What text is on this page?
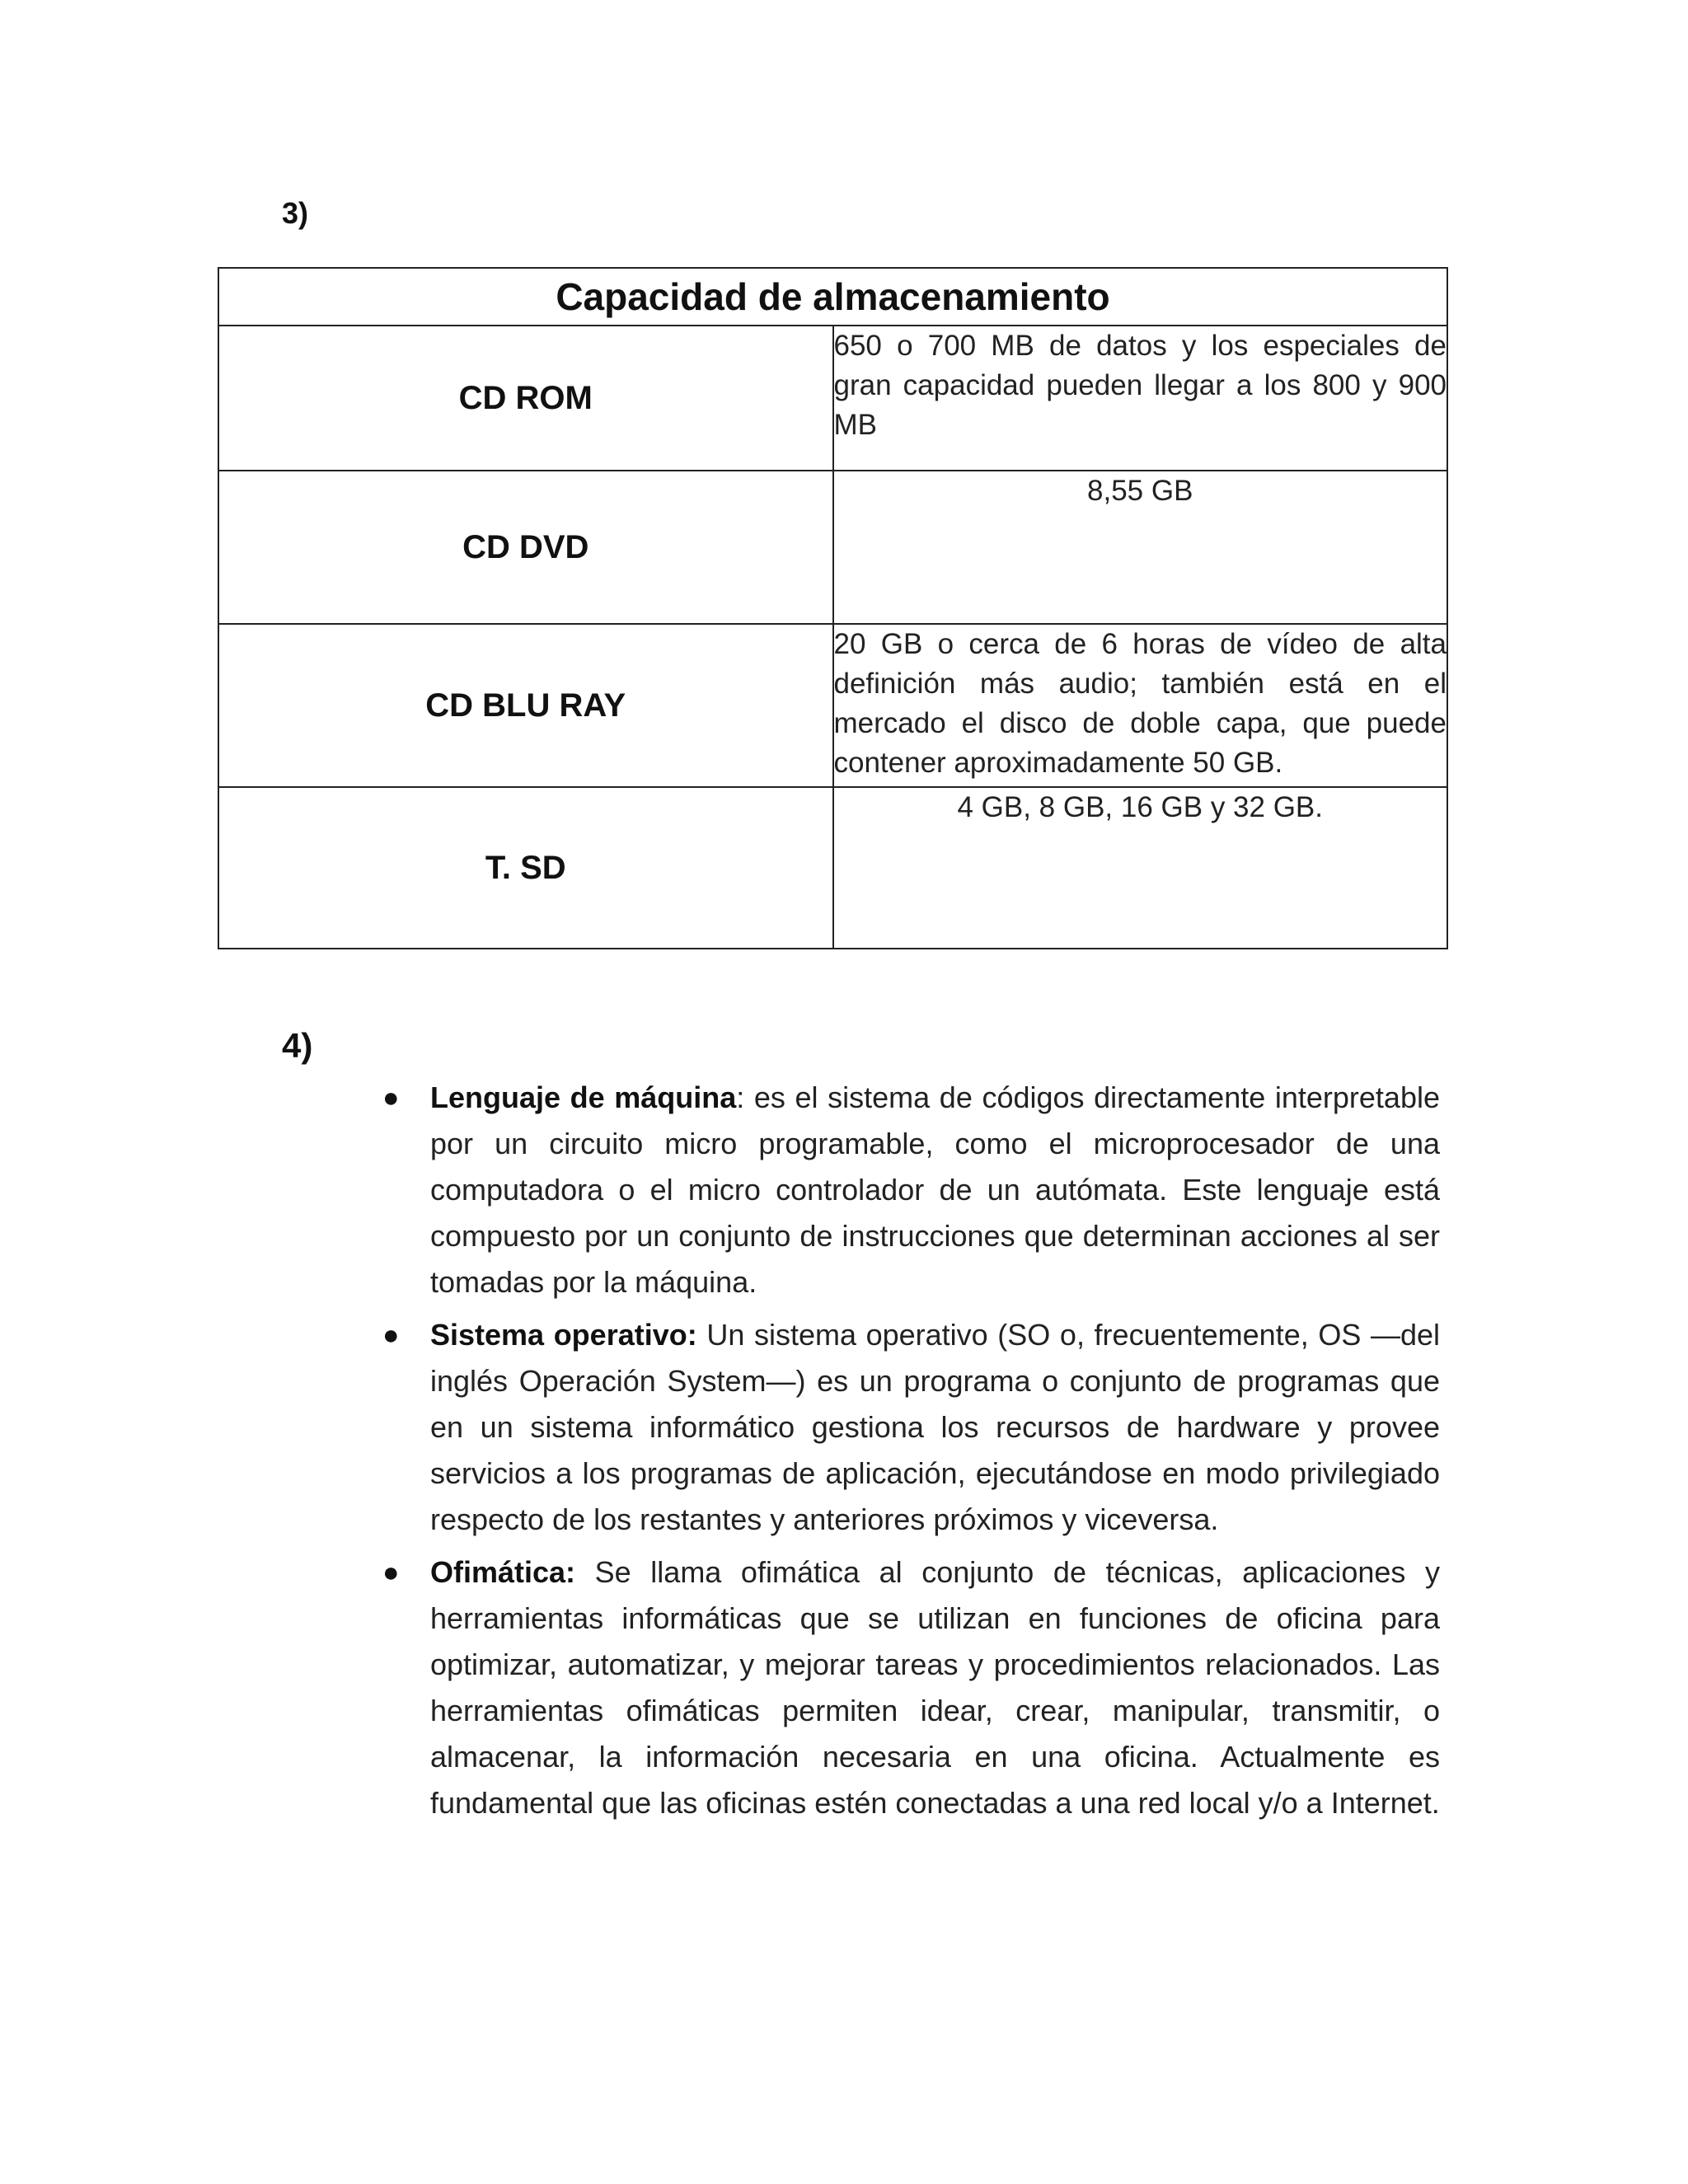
3)
Capacidad de almacenamiento	
CD ROM	650 o 700 MB de datos y los especiales de gran capacidad pueden llegar a los 800 y 900 MB
CD DVD	8,55 GB
CD BLU RAY	20 GB o cerca de 6 horas de vídeo de alta definición más audio; también está en el mercado el disco de doble capa, que puede contener aproximadamente 50 GB.
T. SD	4 GB, 8 GB, 16 GB y 32 GB.
4)
● Lenguaje de máquina: es el sistema de códigos directamente interpretable por un circuito micro programable, como el microprocesador de una computadora o el micro controlador de un autómata. Este lenguaje está compuesto por un conjunto de instrucciones que determinan acciones al ser tomadas por la máquina.
● Sistema operativo: Un sistema operativo (SO o, frecuentemente, OS —del inglés Operación System—) es un programa o conjunto de programas que en un sistema informático gestiona los recursos de hardware y provee servicios a los programas de aplicación, ejecutándose en modo privilegiado respecto de los restantes y anteriores próximos y viceversa.
● Ofimática: Se llama ofimática al conjunto de técnicas, aplicaciones y herramientas informáticas que se utilizan en funciones de oficina para optimizar, automatizar, y mejorar tareas y procedimientos relacionados. Las herramientas ofimáticas permiten idear, crear, manipular, transmitir, o almacenar, la información necesaria en una oficina. Actualmente es fundamental que las oficinas estén conectadas a una red local y/o a Internet.
